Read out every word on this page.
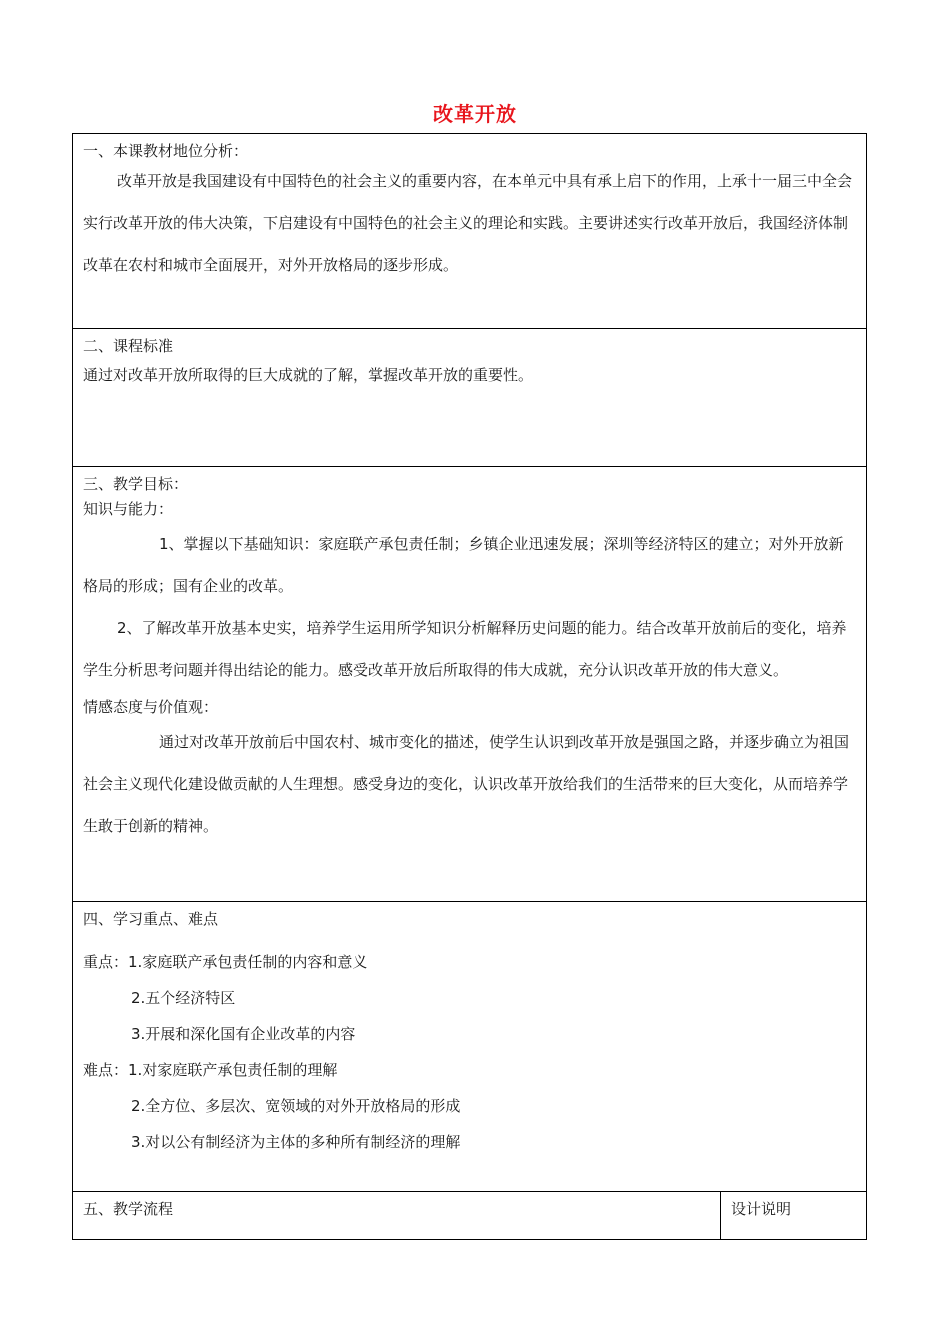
改革开放
一、本课教材地位分析：

改革开放是我国建设有中国特色的社会主义的重要内容，在本单元中具有承上启下的作用，上承十一届三中全会实行改革开放的伟大决策，下启建设有中国特色的社会主义的理论和实践。主要讲述实行改革开放后，我国经济体制改革在农村和城市全面展开，对外开放格局的逐步形成。

二、课程标准

通过对改革开放所取得的巨大成就的了解，掌握改革开放的重要性。

三、教学目标：

知识与能力：

1、掌握以下基础知识：家庭联产承包责任制；乡镇企业迅速发展；深圳等经济特区的建立；对外开放新格局的形成；国有企业的改革。

2、了解改革开放基本史实，培养学生运用所学知识分析解释历史问题的能力。结合改革开放前后的变化，培养学生分析思考问题并得出结论的能力。感受改革开放后所取得的伟大成就，充分认识改革开放的伟大意义。

情感态度与价值观：

通过对改革开放前后中国农村、城市变化的描述，使学生认识到改革开放是强国之路，并逐步确立为祖国社会主义现代化建设做贡献的人生理想。感受身边的变化，认识改革开放给我们的生活带来的巨大变化，从而培养学生敢于创新的精神。

四、学习重点、难点

重点：1.家庭联产承包责任制的内容和意义

2.五个经济特区

3.开展和深化国有企业改革的内容

难点：1.对家庭联产承包责任制的理解

2.全方位、多层次、宽领域的对外开放格局的形成

3.对以公有制经济为主体的多种所有制经济的理解

五、教学流程	设计说明
